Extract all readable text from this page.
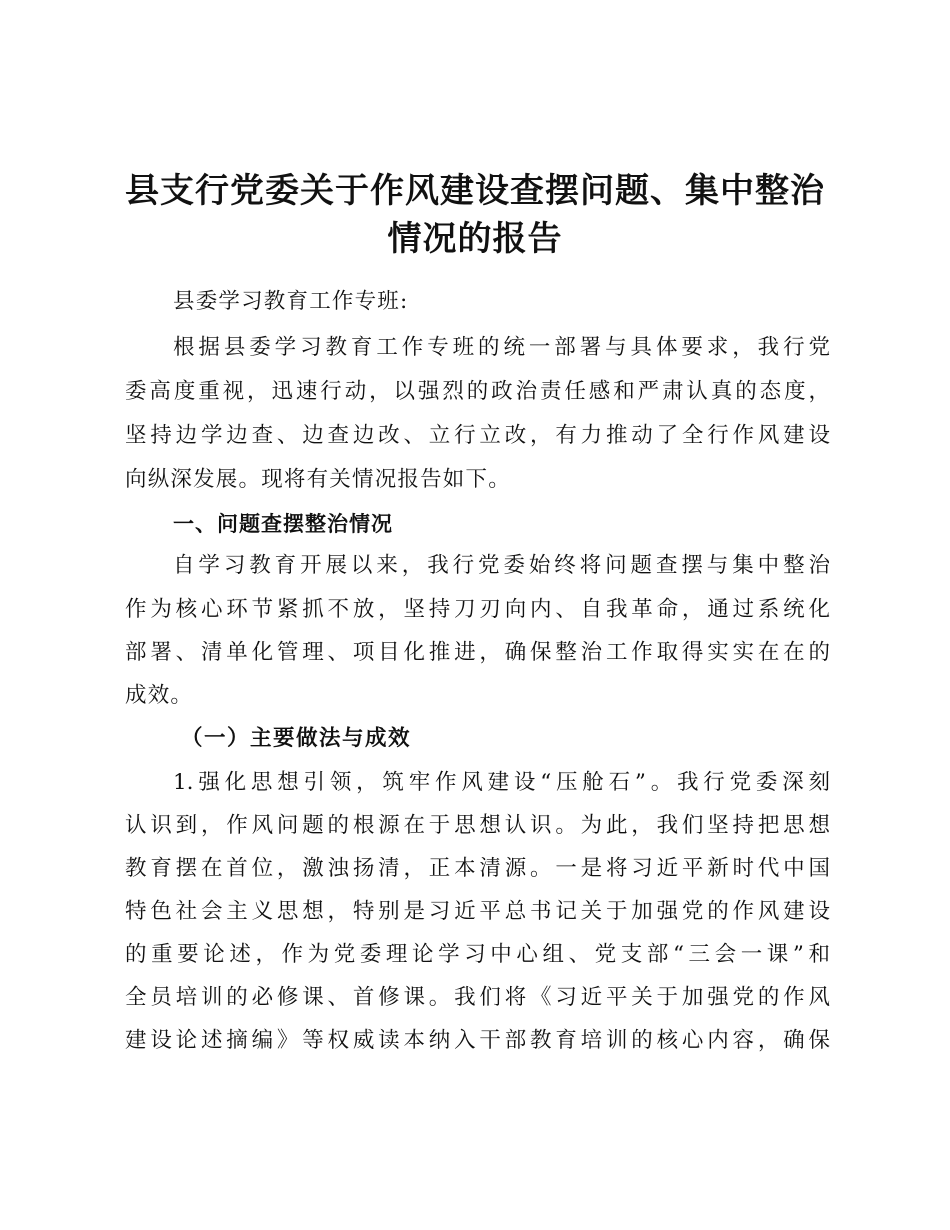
县支行党委关于作风建设查摆问题、集中整治
情况的报告
县委学习教育工作专班:
根据县委学习教育工作专班的统一部署与具体要求，我行党
委高度重视，迅速行动，以强烈的政治责任感和严肃认真的态度，
坚持边学边查、边查边改、立行立改，有力推动了全行作风建设
向纵深发展。现将有关情况报告如下。
一、问题查摆整治情况
自学习教育开展以来，我行党委始终将问题查摆与集中整治
作为核心环节紧抓不放，坚持刀刃向内、自我革命，通过系统化
部署、清单化管理、项目化推进，确保整治工作取得实实在在的
成效。
（一）主要做法与成效
1.强化思想引领，筑牢作风建设“压舱石”。我行党委深刻
认识到，作风问题的根源在于思想认识。为此，我们坚持把思想
教育摆在首位，激浊扬清，正本清源。一是将习近平新时代中国
特色社会主义思想，特别是习近平总书记关于加强党的作风建设
的重要论述，作为党委理论学习中心组、党支部“三会一课”和
全员培训的必修课、首修课。我们将《习近平关于加强党的作风
建设论述摘编》等权威读本纳入干部教育培训的核心内容，确保
